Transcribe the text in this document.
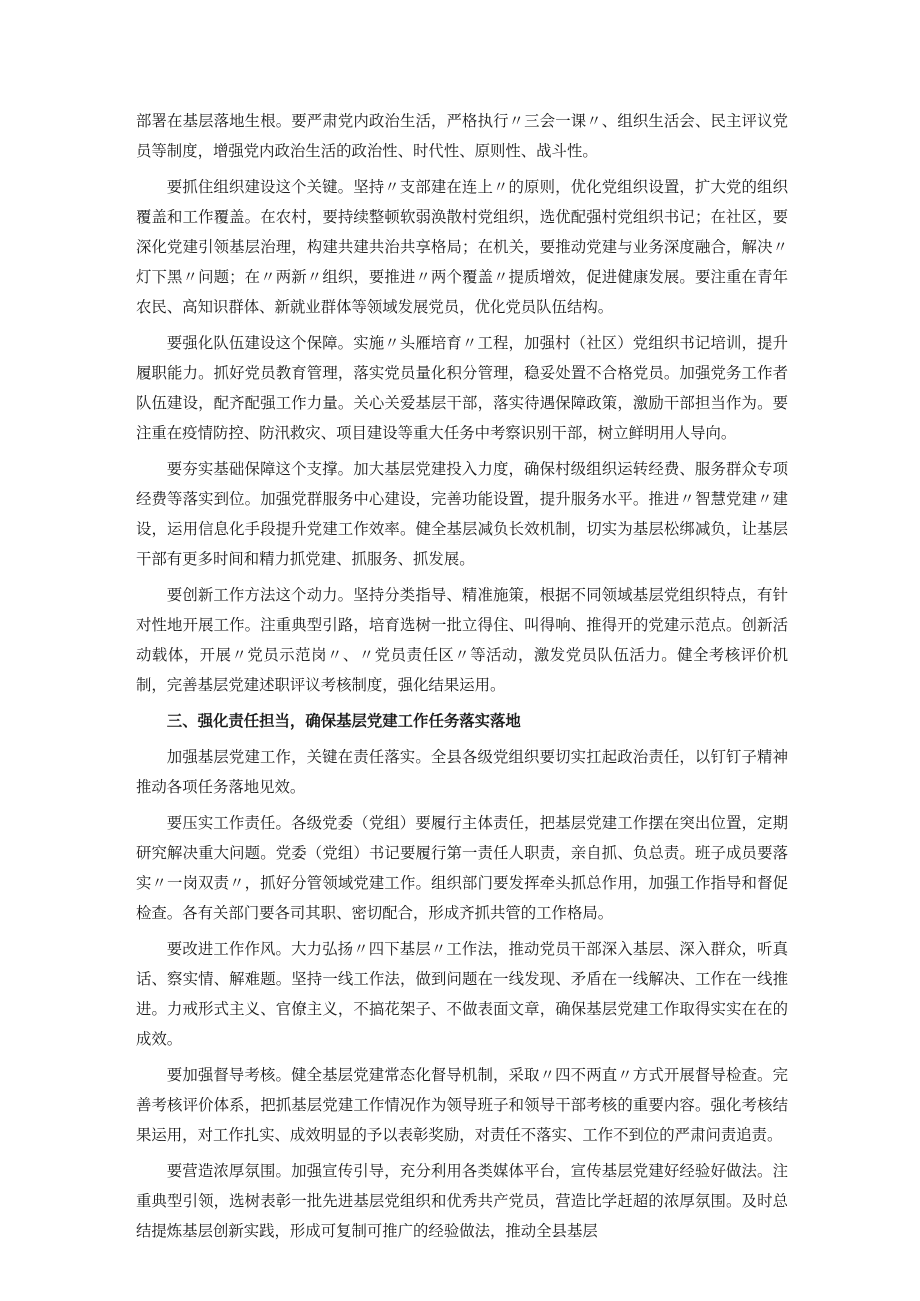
部署在基层落地生根。要严肃党内政治生活，严格执行〃三会一课〃、组织生活会、民主评议党员等制度，增强党内政治生活的政治性、时代性、原则性、战斗性。

要抓住组织建设这个关键。坚持〃支部建在连上〃的原则，优化党组织设置，扩大党的组织覆盖和工作覆盖。在农村，要持续整顿软弱涣散村党组织，选优配强村党组织书记；在社区，要深化党建引领基层治理，构建共建共治共享格局；在机关，要推动党建与业务深度融合，解决〃灯下黑〃问题；在〃两新〃组织，要推进〃两个覆盖〃提质增效，促进健康发展。要注重在青年农民、高知识群体、新就业群体等领域发展党员，优化党员队伍结构。

要强化队伍建设这个保障。实施〃头雁培育〃工程，加强村（社区）党组织书记培训，提升履职能力。抓好党员教育管理，落实党员量化积分管理，稳妥处置不合格党员。加强党务工作者队伍建设，配齐配强工作力量。关心关爱基层干部，落实待遇保障政策，激励干部担当作为。要注重在疫情防控、防汛救灾、项目建设等重大任务中考察识别干部，树立鲜明用人导向。

要夯实基础保障这个支撑。加大基层党建投入力度，确保村级组织运转经费、服务群众专项经费等落实到位。加强党群服务中心建设，完善功能设置，提升服务水平。推进〃智慧党建〃建设，运用信息化手段提升党建工作效率。健全基层减负长效机制，切实为基层松绑减负，让基层干部有更多时间和精力抓党建、抓服务、抓发展。

要创新工作方法这个动力。坚持分类指导、精准施策，根据不同领域基层党组织特点，有针对性地开展工作。注重典型引路，培育选树一批立得住、叫得响、推得开的党建示范点。创新活动载体，开展〃党员示范岗〃、〃党员责任区〃等活动，激发党员队伍活力。健全考核评价机制，完善基层党建述职评议考核制度，强化结果运用。

三、强化责任担当，确保基层党建工作任务落实落地

加强基层党建工作，关键在责任落实。全县各级党组织要切实扛起政治责任，以钉钉子精神推动各项任务落地见效。

要压实工作责任。各级党委（党组）要履行主体责任，把基层党建工作摆在突出位置，定期研究解决重大问题。党委（党组）书记要履行第一责任人职责，亲自抓、负总责。班子成员要落实〃一岗双责〃，抓好分管领域党建工作。组织部门要发挥牵头抓总作用，加强工作指导和督促检查。各有关部门要各司其职、密切配合，形成齐抓共管的工作格局。

要改进工作作风。大力弘扬〃四下基层〃工作法，推动党员干部深入基层、深入群众，听真话、察实情、解难题。坚持一线工作法，做到问题在一线发现、矛盾在一线解决、工作在一线推进。力戒形式主义、官僚主义，不搞花架子、不做表面文章，确保基层党建工作取得实实在在的成效。

要加强督导考核。健全基层党建常态化督导机制，采取〃四不两直〃方式开展督导检查。完善考核评价体系，把抓基层党建工作情况作为领导班子和领导干部考核的重要内容。强化考核结果运用，对工作扎实、成效明显的予以表彰奖励，对责任不落实、工作不到位的严肃问责追责。

要营造浓厚氛围。加强宣传引导，充分利用各类媒体平台，宣传基层党建好经验好做法。注重典型引领，选树表彰一批先进基层党组织和优秀共产党员，营造比学赶超的浓厚氛围。及时总结提炼基层创新实践，形成可复制可推广的经验做法，推动全县基层
